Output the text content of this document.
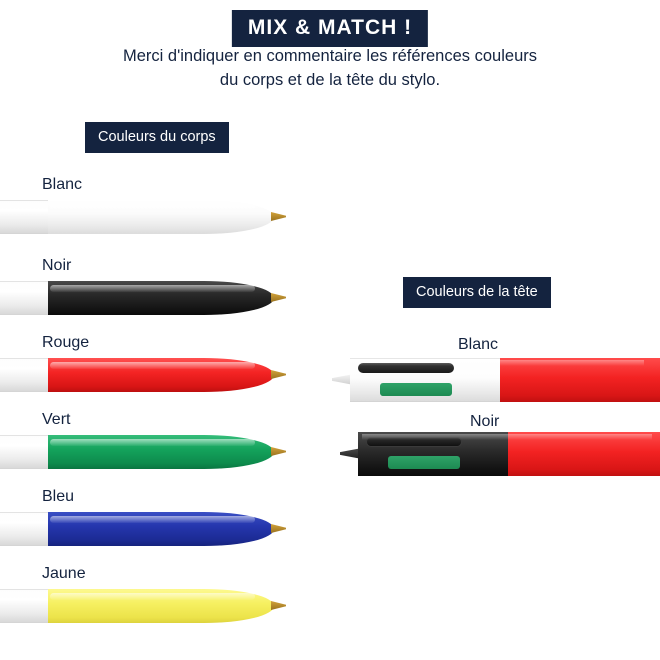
MIX & MATCH !
Merci d'indiquer en commentaire les références couleurs
du corps et de la tête du stylo.
Couleurs du corps
Couleurs de la tête
Blanc
Noir
Rouge
Vert
Bleu
Jaune
Blanc
Noir
